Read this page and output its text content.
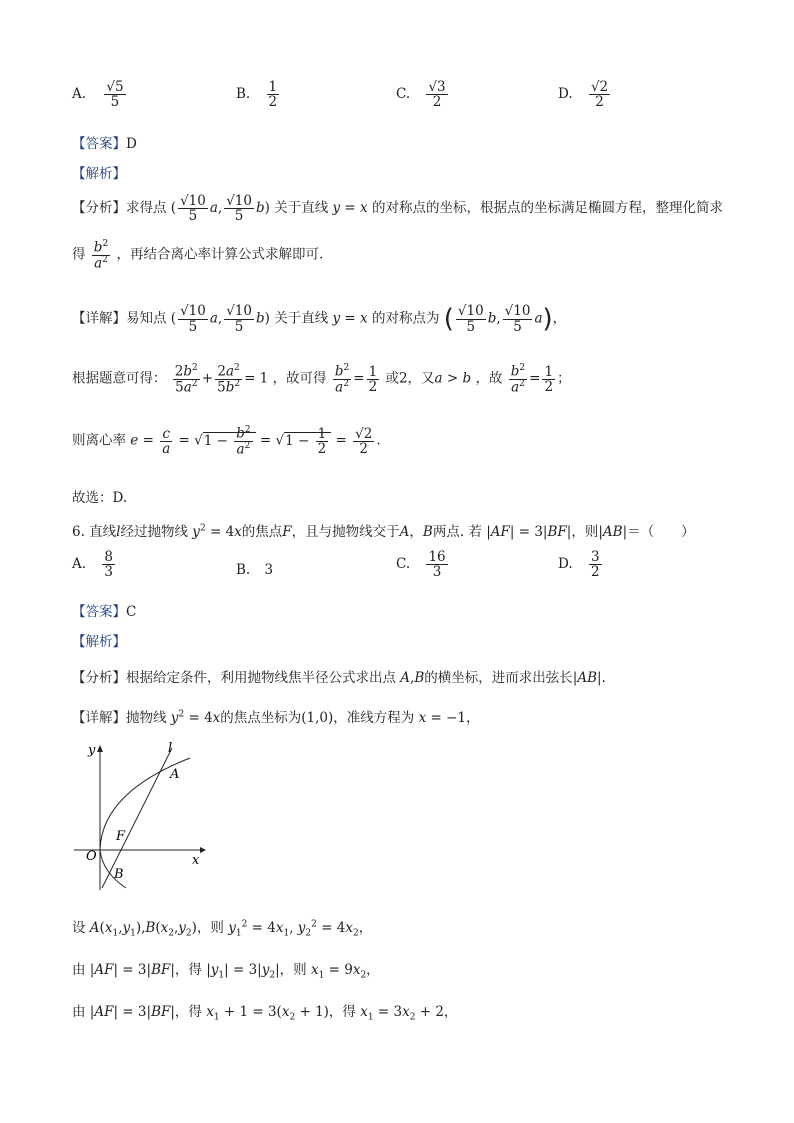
A. $\frac{√5}{5}$	B. $\frac{1}{2}$	C. $\frac{√3}{2}$	D. $\frac{√2}{2}$
【答案】D
【解析】
【分析】求得点 ( $\frac{√10}{5} a$, $\frac{√10}{5} b$) 关于直线 y = x 的对称点的坐标，根据点的坐标满足椭圆方程，整理化简求
得 $\frac{b^2}{a^2}$ ，再结合离心率计算公式求解即可.
【详解】易知点 ( $\frac{√10}{5} a$, $\frac{√10}{5} b$) 关于直线 y = x 的对称点为 ( $\frac{√10}{5} b$, $\frac{√10}{5} a$)，
根据题意可得： $\frac{2b^2}{5a^2} + \frac{2a^2}{5b^2} = 1$ ，故可得 $\frac{b^2}{a^2} = \frac{1}{2}$ 或2，又a > b ，故 $\frac{b^2}{a^2} = \frac{1}{2}$ ；
则离心率 $e = \frac{c}{a} = √1 - \frac{b^2}{a^2} = √1 - \frac{1}{2} = \frac{√2}{2}$ .
故选：D.
6. 直线l经过抛物线 $y^2 = 4x$的焦点F，且与抛物线交于A，B两点. 若 |AF| = 3|BF|，则|AB|＝（　　）
A. $\frac{8}{3}$	B. 3	C. $\frac{16}{3}$	D. $\frac{3}{2}$
【答案】C
【解析】
【分析】根据给定条件，利用抛物线焦半径公式求出点 A,B的横坐标，进而求出弦长|AB|.
【详解】抛物线 $y^2 = 4x$的焦点坐标为(1,0)，准线方程为 x = −1，
y	l
A
F
O	x
B
设 $A(x_1,y_1),B(x_2,y_2)$，则 $y_1^2 = 4x_1$, $y_2^2 = 4x_2$，
由 |AF| = 3|BF|，得 $|y_1| = 3|y_2|$，则 $x_1 = 9x_2$，
由 |AF| = 3|BF|，得 $x_1 + 1 = 3(x_2 + 1)$，得 $x_1 = 3x_2 + 2$，
